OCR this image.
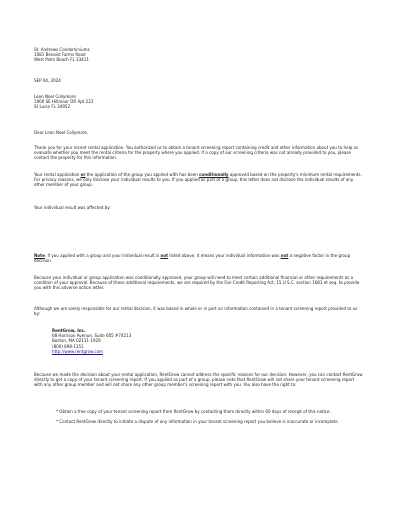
St. Andrews Condominiums

1081 Benoist Farms Road

West Palm Beach FL 33411

SEP 04, 2024

Leon Noel Collymore

1900 SE Hillmoor DR Apt 223

St Lucie FL 34952

Dear Leon Noel Collymore,

Thank you for your recent rental application. You authorized us to obtain a tenant screening report containing credit and other information about you to help us evaluate whether you meet the rental criteria for the property where you applied. If a copy of our screening criteria was not already provided to you, please contact the property for this information.

Your rental application or the application of the group you applied with has been conditionally approved based on the property's minimum rental requirements. For privacy reasons, we only disclose your individual results to you. If you applied as part of a group, this letter does not disclose the individual results of any other member of your group.

Your individual result was affected by:

Note: If you applied with a group and your individual result is not listed above, it means your individual information was not a negative factor in the group decision.

Because your individual or group application was conditionally approved, your group will need to meet certain additional financial or other requirements as a condition of your approval. Because of these additional requirements, we are required by the Fair Credit Reporting Act, 15 U.S.C. section 1681 et seq. to provide you with this adverse action letter.

Although we are solely responsible for our rental decision, it was based in whole or in part on information contained in a tenant screening report provided to us by:

RentGrow, Inc.

68 Harrison Avenue, Suite 605 #74213

Boston, MA 02111-1929

(800) 898-1351

http://www.rentgrow.com

Because we made the decision about your rental application, RentGrow cannot address the specific reasons for our decision. However, you can contact RentGrow directly to get a copy of your tenant screening report. If you applied as part of a group, please note that RentGrow will not share your tenant screening report with any other group member and will not share any other group member's screening report with you. You also have the right to:

* Obtain a free copy of your tenant screening report from RentGrow by contacting them directly within 60 days of receipt of this notice.

* Contact RentGrow directly to initiate a dispute of any information in your tenant screening report you believe is inaccurate or incomplete.
